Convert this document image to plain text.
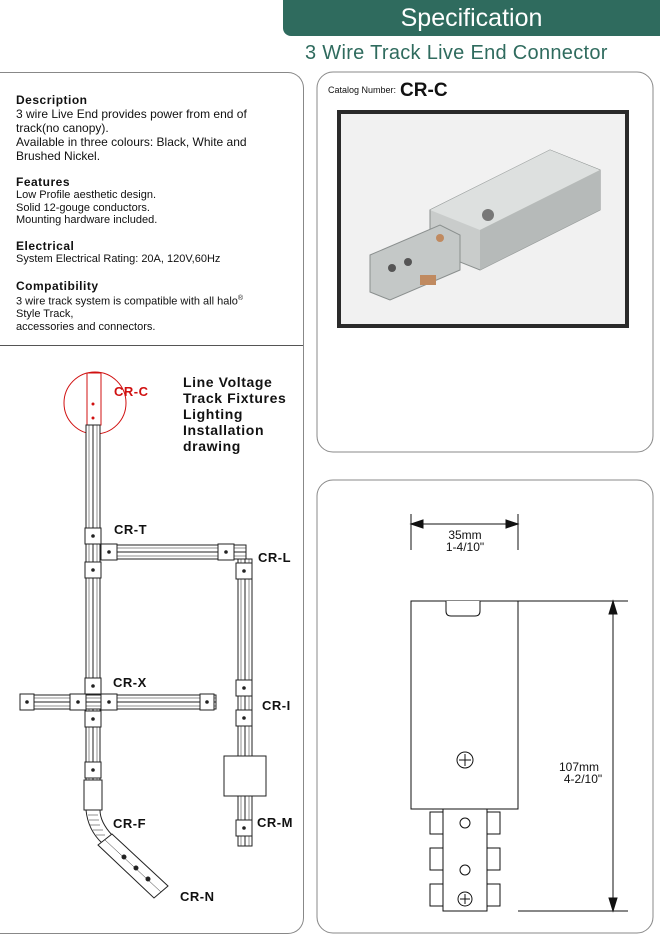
Specification
3 Wire Track Live End Connector
Description

3 wire Live End provides power from end of
track(no canopy).
Available in three colours: Black, White and
Brushed Nickel.

Features

Low Profile aesthetic design.
Solid 12-gouge conductors.
Mounting hardware included.

Electrical

System Electrical Rating: 20A, 120V,60Hz

Compatibility

3 wire track system is compatible with all halo®
Style Track,
accessories and connectors.

Line Voltage
Track Fixtures
Lighting
Installation
drawing
CR-C
CR-T
CR-L
CR-X
CR-I
CR-F	CR-M
CR-N
Catalog Number: CR-C
35mm
1-4/10"
107mm
4-2/10"
